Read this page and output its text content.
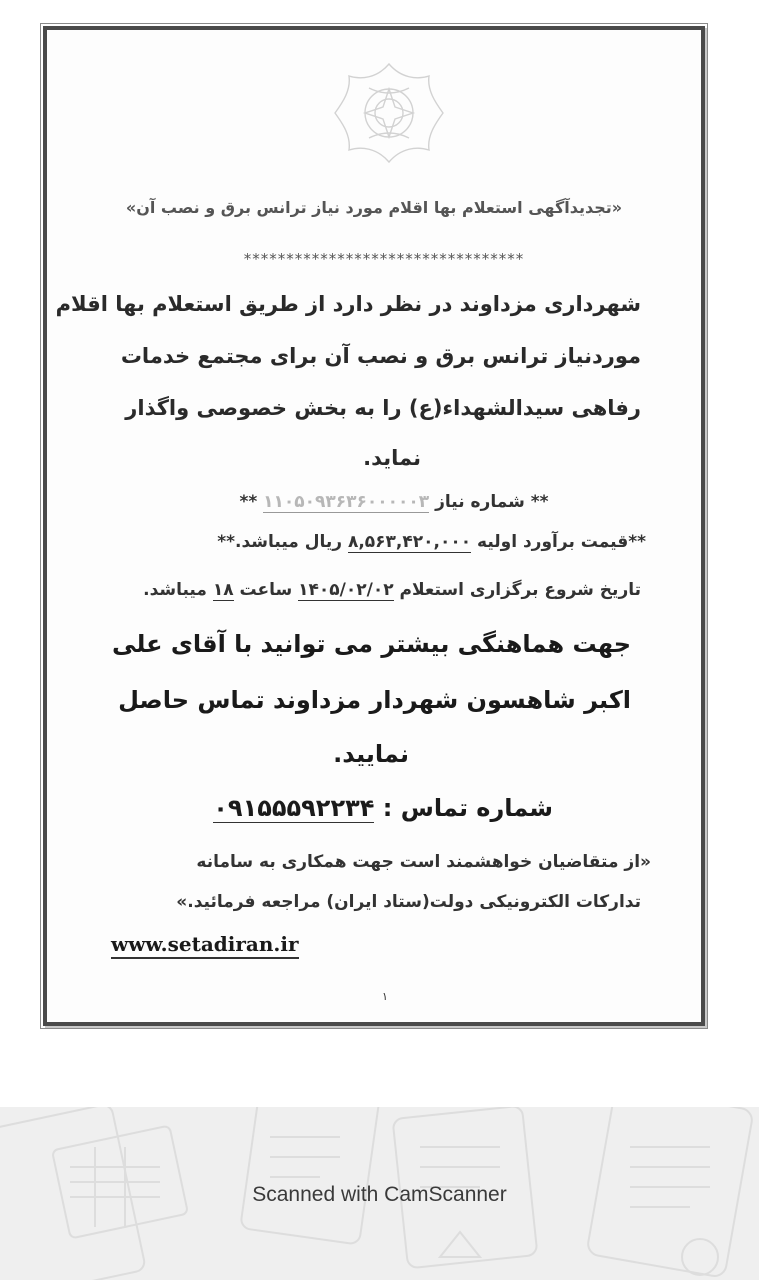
«تجدیدآگهی استعلام بها اقلام مورد نیاز ترانس برق و نصب آن»
*********************************
شهرداری مزداوند در نظر دارد از طریق استعلام بها اقلام
موردنیاز ترانس برق و نصب آن برای مجتمع خدمات
رفاهی سیدالشهداء(ع) را به بخش خصوصی واگذار
نماید.
** شماره نیاز ۱۱۰۵۰۹۳۶۳۶۰۰۰۰۰۳ **
**قیمت برآورد اولیه ۸,۵۶۳,۴۲۰,۰۰۰ ریال میباشد.**
تاریخ شروع برگزاری استعلام ۱۴۰۵/۰۲/۰۲ ساعت ۱۸ میباشد.
جهت هماهنگی بیشتر می توانید با آقای علی
اکبر شاهسون شهردار مزداوند تماس حاصل
نمایید.
شماره تماس : ۰۹۱۵۵۵۹۲۲۳۴
«از متقاضیان خواهشمند است جهت همکاری به سامانه
تدارکات الکترونیکی دولت(ستاد ایران) مراجعه فرمائید.»
www.setadiran.ir
۱
Scanned with CamScanner
